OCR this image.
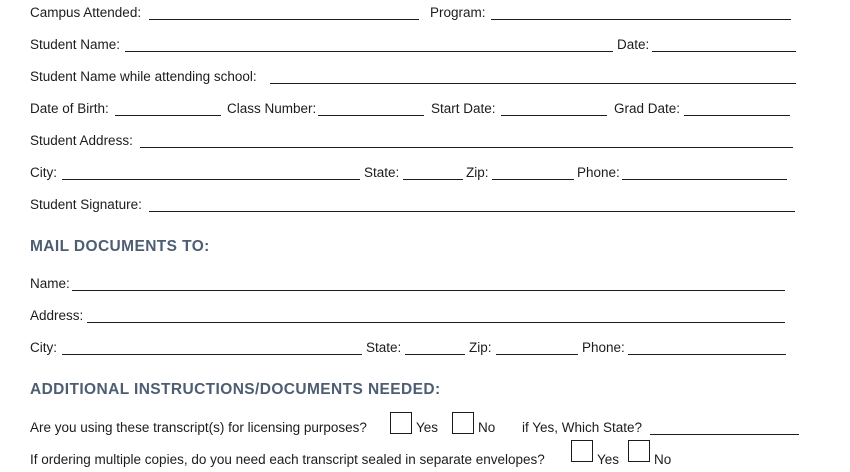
Campus Attended:	Program:
Student Name:	Date:
Student Name while attending school:
Date of Birth:	Class Number:	Start Date:	Grad Date:
Student Address:
City:	State:	Zip:	Phone:
Student Signature:
MAIL DOCUMENTS TO:
Name:
Address:
City:	State:	Zip:	Phone:
ADDITIONAL INSTRUCTIONS/DOCUMENTS NEEDED:
Are you using these transcript(s) for licensing purposes?	Yes	No if Yes, Which State?
If ordering multiple copies, do you need each transcript sealed in separate envelopes?	Yes	No
